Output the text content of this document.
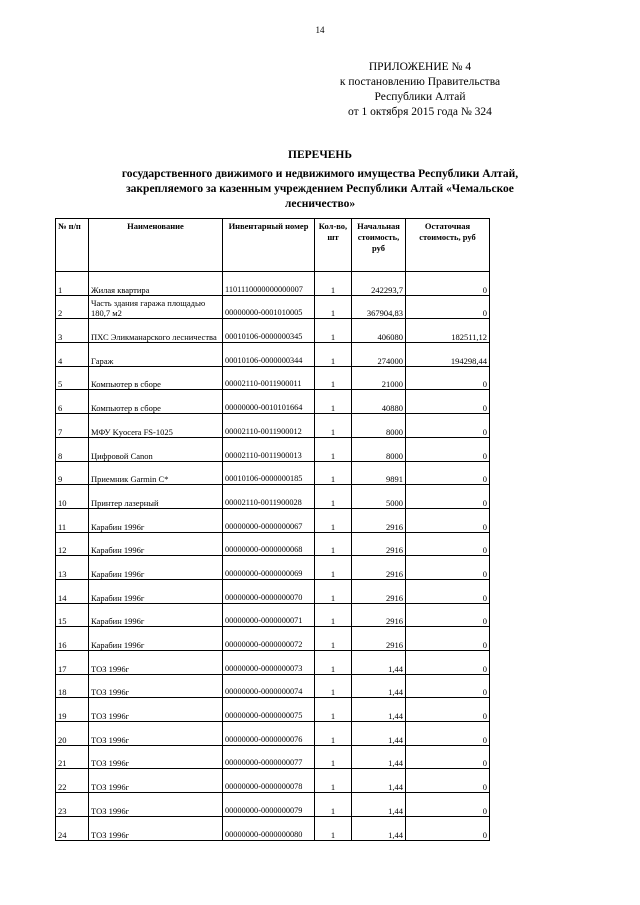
14
ПРИЛОЖЕНИЕ № 4
к постановлению Правительства
Республики Алтай
от 1 октября 2015 года № 324
ПЕРЕЧЕНЬ
государственного движимого и недвижимого имущества Республики Алтай,
закрепляемого за казенным учреждением Республики Алтай «Чемальское
лесничество»
№ п/п	Наименование	Инвентарный номер	Кол-во, шт	Начальная стоимость, руб	Остаточная стоимость, руб
1	Жилая квартира	1101110000000000007	1	242293,7	0
2	Часть здания гаража площадью 180,7 м2	00000000-0001010005	1	367904,83	0
3	ПХС Эликманарского лесничества	00010106-0000000345	1	406080	182511,12
4	Гараж	00010106-0000000344	1	274000	194298,44
5	Компьютер в сборе	00002110-0011900011	1	21000	0
6	Компьютер в сборе	00000000-0010101664	1	40880	0
7	МФУ Kyocera FS-1025	00002110-0011900012	1	8000	0
8	Цифровой Canon	00002110-0011900013	1	8000	0
9	Приемник Garmin C*	00010106-0000000185	1	9891	0
10	Принтер лазерный	00002110-0011900028	1	5000	0
11	Карабин 1996г	00000000-0000000067	1	2916	0
12	Карабин 1996г	00000000-0000000068	1	2916	0
13	Карабин 1996г	00000000-0000000069	1	2916	0
14	Карабин 1996г	00000000-0000000070	1	2916	0
15	Карабин 1996г	00000000-0000000071	1	2916	0
16	Карабин 1996г	00000000-0000000072	1	2916	0
17	ТОЗ 1996г	00000000-0000000073	1	1,44	0
18	ТОЗ 1996г	00000000-0000000074	1	1,44	0
19	ТОЗ 1996г	00000000-0000000075	1	1,44	0
20	ТОЗ 1996г	00000000-0000000076	1	1,44	0
21	ТОЗ 1996г	00000000-0000000077	1	1,44	0
22	ТОЗ 1996г	00000000-0000000078	1	1,44	0
23	ТОЗ 1996г	00000000-0000000079	1	1,44	0
24	ТОЗ 1996г	00000000-0000000080	1	1,44	0
